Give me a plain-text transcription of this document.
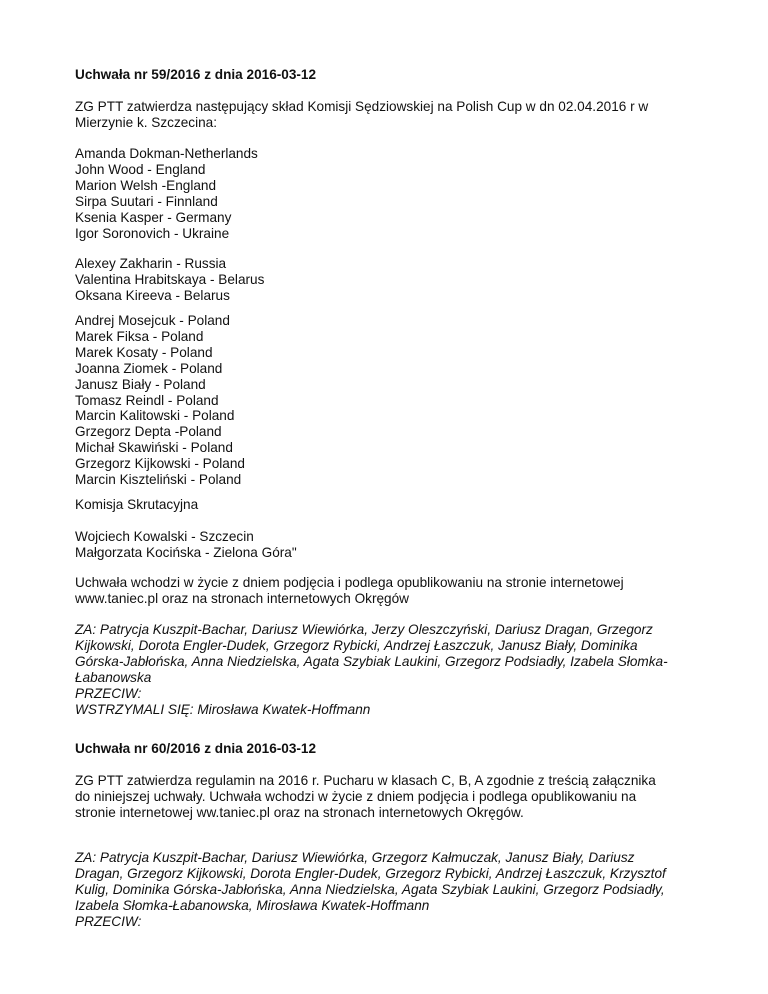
Uchwała nr 59/2016 z dnia 2016-03-12
ZG PTT zatwierdza następujący skład Komisji Sędziowskiej na Polish Cup w dn 02.04.2016 r w
Mierzynie k. Szczecina:
Amanda Dokman-Netherlands
John Wood - England
Marion Welsh -England
Sirpa Suutari - Finnland
Ksenia Kasper - Germany
Igor Soronovich - Ukraine
Alexey Zakharin - Russia
Valentina Hrabitskaya - Belarus
Oksana Kireeva - Belarus
Andrej Mosejcuk - Poland
Marek Fiksa - Poland
Marek Kosaty - Poland
Joanna Ziomek - Poland
Janusz Biały - Poland
Tomasz Reindl - Poland
Marcin Kalitowski - Poland
Grzegorz Depta -Poland
Michał Skawiński - Poland
Grzegorz Kijkowski - Poland
Marcin Kiszteliński - Poland
Komisja Skrutacyjna
Wojciech Kowalski - Szczecin
Małgorzata Kocińska - Zielona Góra"
Uchwała wchodzi w życie z dniem podjęcia i podlega opublikowaniu na stronie internetowej
www.taniec.pl oraz na stronach internetowych Okręgów
ZA: Patrycja Kuszpit-Bachar, Dariusz Wiewiórka, Jerzy Oleszczyński, Dariusz Dragan, Grzegorz
Kijkowski, Dorota Engler-Dudek, Grzegorz Rybicki, Andrzej Łaszczuk, Janusz Biały, Dominika
Górska-Jabłońska, Anna Niedzielska, Agata Szybiak Laukini, Grzegorz Podsiadły, Izabela Słomka-
Łabanowska
PRZECIW:
WSTRZYMALI SIĘ: Mirosława Kwatek-Hoffmann
Uchwała nr 60/2016 z dnia 2016-03-12
ZG PTT zatwierdza regulamin na 2016 r. Pucharu w klasach C, B, A zgodnie z treścią załącznika
do niniejszej uchwały. Uchwała wchodzi w życie z dniem podjęcia i podlega opublikowaniu na
stronie internetowej ww.taniec.pl oraz na stronach internetowych Okręgów.
ZA: Patrycja Kuszpit-Bachar, Dariusz Wiewiórka, Grzegorz Kałmuczak, Janusz Biały, Dariusz
Dragan, Grzegorz Kijkowski, Dorota Engler-Dudek, Grzegorz Rybicki, Andrzej Łaszczuk, Krzysztof
Kulig, Dominika Górska-Jabłońska, Anna Niedzielska, Agata Szybiak Laukini, Grzegorz Podsiadły,
Izabela Słomka-Łabanowska, Mirosława Kwatek-Hoffmann
PRZECIW:
